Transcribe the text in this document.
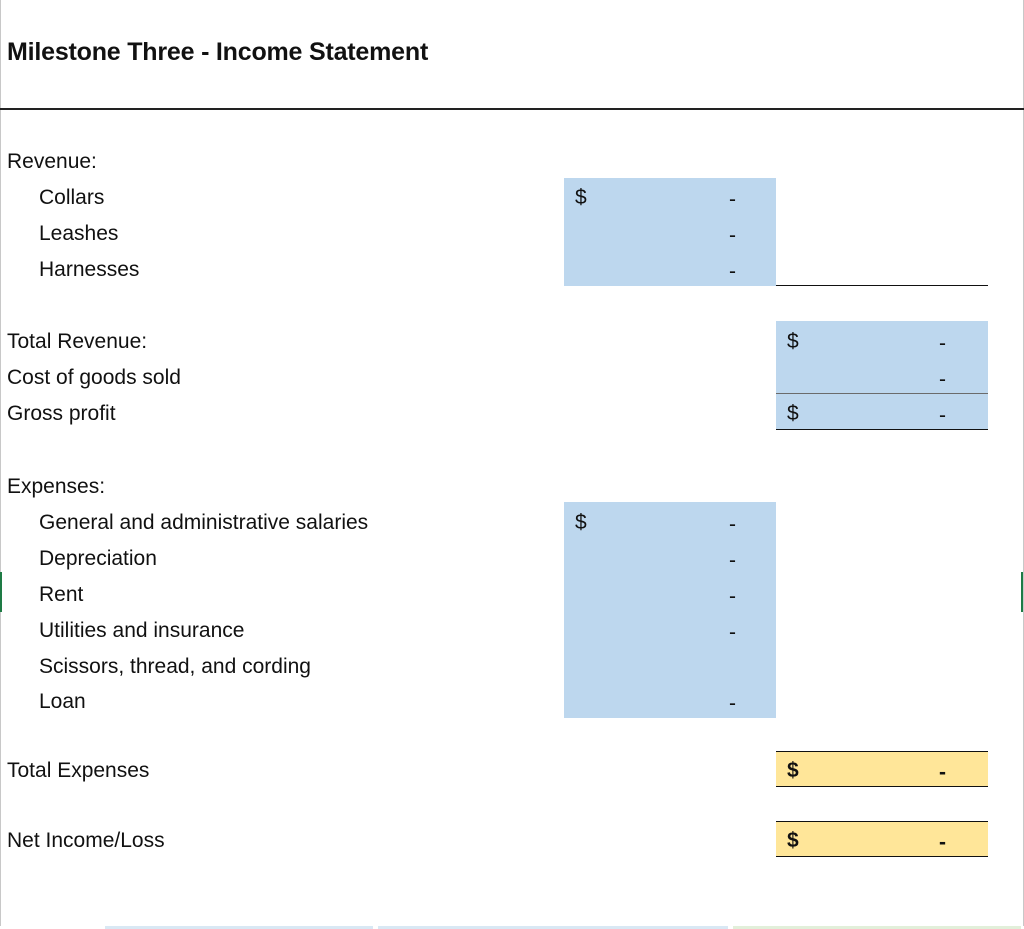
Milestone Three - Income Statement
Revenue:
Collars	$	-
Leashes	-
Harnesses	-
Total Revenue:	$	-
Cost of goods sold	-
Gross profit	$	-
Expenses:
General and administrative salaries	$	-
Depreciation	-
Rent	-
Utilities and insurance	-
Scissors, thread, and cording
Loan	-
Total Expenses	$	-
Net Income/Loss	$	-
